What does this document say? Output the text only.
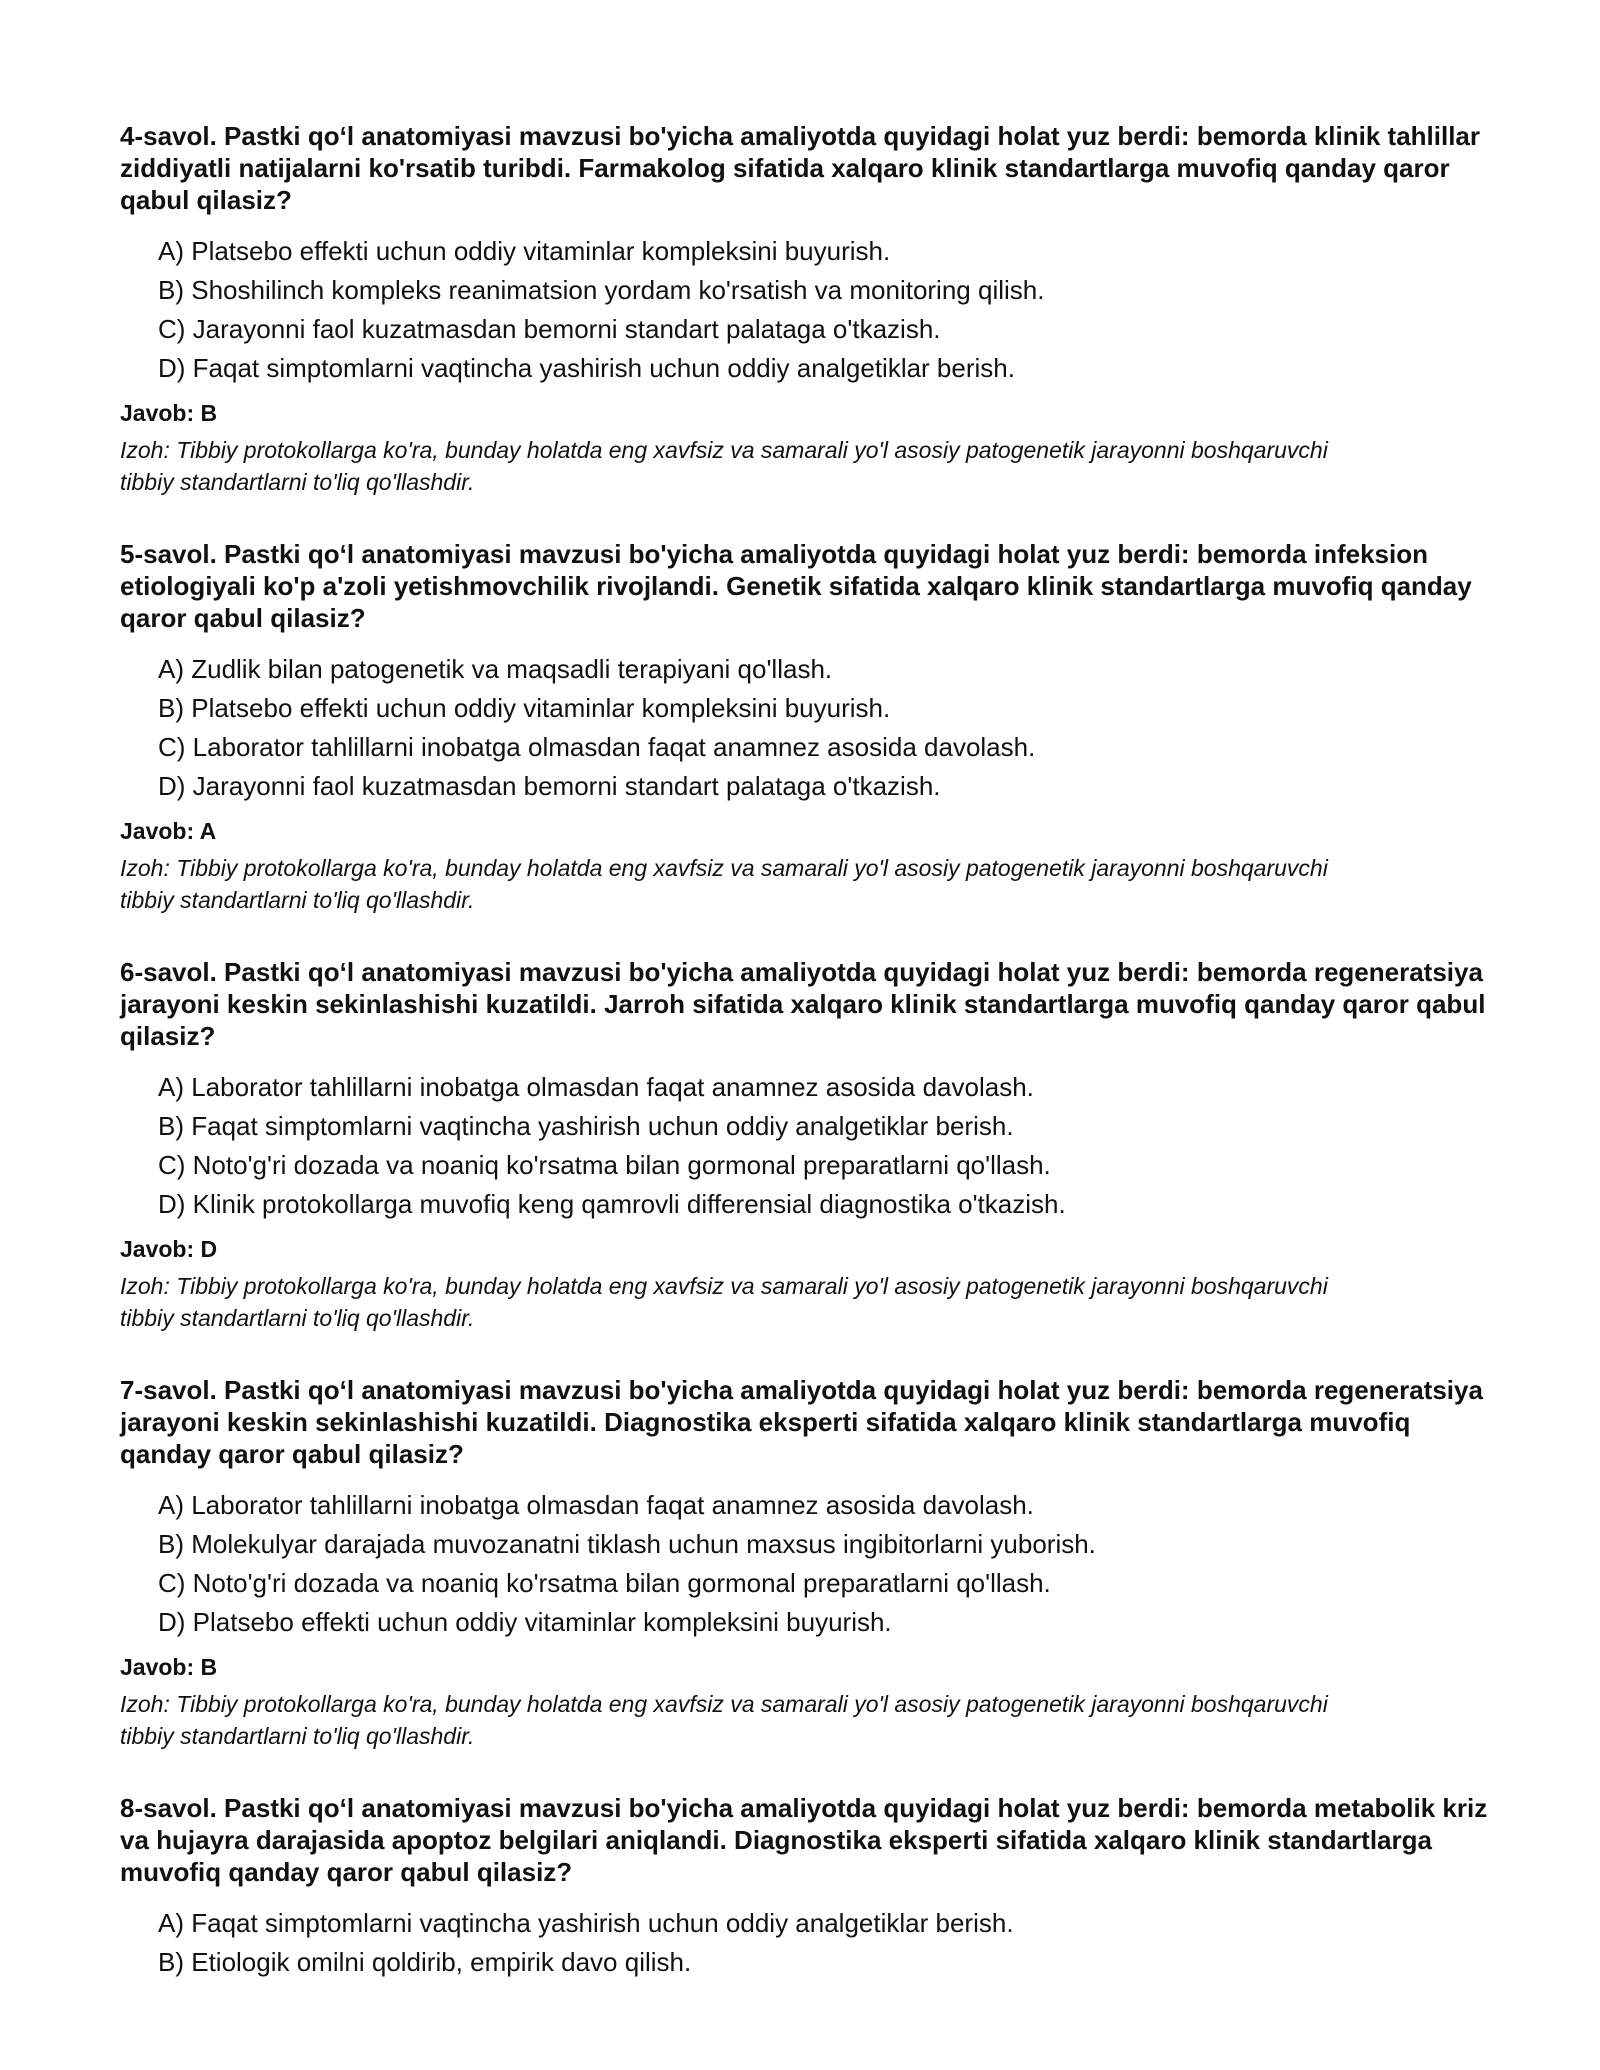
4-savol. Pastki qo‘l anatomiyasi mavzusi bo'yicha amaliyotda quyidagi holat yuz berdi: bemorda klinik tahlillar ziddiyatli natijalarni ko'rsatib turibdi. Farmakolog sifatida xalqaro klinik standartlarga muvofiq qanday qaror qabul qilasiz?

A) Platsebo effekti uchun oddiy vitaminlar kompleksini buyurish.
B) Shoshilinch kompleks reanimatsion yordam ko'rsatish va monitoring qilish.
C) Jarayonni faol kuzatmasdan bemorni standart palataga o'tkazish.
D) Faqat simptomlarni vaqtincha yashirish uchun oddiy analgetiklar berish.

Javob: B

Izoh: Tibbiy protokollarga ko'ra, bunday holatda eng xavfsiz va samarali yo'l asosiy patogenetik jarayonni boshqaruvchi tibbiy standartlarni to'liq qo'llashdir.

5-savol. Pastki qo‘l anatomiyasi mavzusi bo'yicha amaliyotda quyidagi holat yuz berdi: bemorda infeksion etiologiyali ko'p a'zoli yetishmovchilik rivojlandi. Genetik sifatida xalqaro klinik standartlarga muvofiq qanday qaror qabul qilasiz?

A) Zudlik bilan patogenetik va maqsadli terapiyani qo'llash.
B) Platsebo effekti uchun oddiy vitaminlar kompleksini buyurish.
C) Laborator tahlillarni inobatga olmasdan faqat anamnez asosida davolash.
D) Jarayonni faol kuzatmasdan bemorni standart palataga o'tkazish.

Javob: A

Izoh: Tibbiy protokollarga ko'ra, bunday holatda eng xavfsiz va samarali yo'l asosiy patogenetik jarayonni boshqaruvchi tibbiy standartlarni to'liq qo'llashdir.

6-savol. Pastki qo‘l anatomiyasi mavzusi bo'yicha amaliyotda quyidagi holat yuz berdi: bemorda regeneratsiya jarayoni keskin sekinlashishi kuzatildi. Jarroh sifatida xalqaro klinik standartlarga muvofiq qanday qaror qabul qilasiz?

A) Laborator tahlillarni inobatga olmasdan faqat anamnez asosida davolash.
B) Faqat simptomlarni vaqtincha yashirish uchun oddiy analgetiklar berish.
C) Noto'g'ri dozada va noaniq ko'rsatma bilan gormonal preparatlarni qo'llash.
D) Klinik protokollarga muvofiq keng qamrovli differensial diagnostika o'tkazish.

Javob: D

Izoh: Tibbiy protokollarga ko'ra, bunday holatda eng xavfsiz va samarali yo'l asosiy patogenetik jarayonni boshqaruvchi tibbiy standartlarni to'liq qo'llashdir.

7-savol. Pastki qo‘l anatomiyasi mavzusi bo'yicha amaliyotda quyidagi holat yuz berdi: bemorda regeneratsiya jarayoni keskin sekinlashishi kuzatildi. Diagnostika eksperti sifatida xalqaro klinik standartlarga muvofiq qanday qaror qabul qilasiz?

A) Laborator tahlillarni inobatga olmasdan faqat anamnez asosida davolash.
B) Molekulyar darajada muvozanatni tiklash uchun maxsus ingibitorlarni yuborish.
C) Noto'g'ri dozada va noaniq ko'rsatma bilan gormonal preparatlarni qo'llash.
D) Platsebo effekti uchun oddiy vitaminlar kompleksini buyurish.

Javob: B

Izoh: Tibbiy protokollarga ko'ra, bunday holatda eng xavfsiz va samarali yo'l asosiy patogenetik jarayonni boshqaruvchi tibbiy standartlarni to'liq qo'llashdir.

8-savol. Pastki qo‘l anatomiyasi mavzusi bo'yicha amaliyotda quyidagi holat yuz berdi: bemorda metabolik kriz va hujayra darajasida apoptoz belgilari aniqlandi. Diagnostika eksperti sifatida xalqaro klinik standartlarga muvofiq qanday qaror qabul qilasiz?

A) Faqat simptomlarni vaqtincha yashirish uchun oddiy analgetiklar berish.
B) Etiologik omilni qoldirib, empirik davo qilish.
